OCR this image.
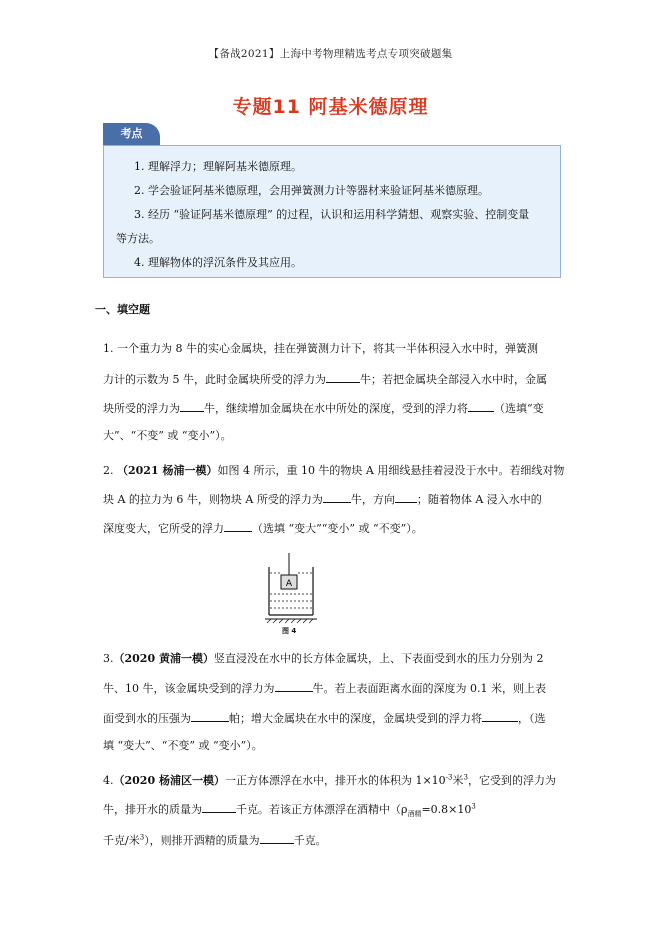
【备战2021】上海中考物理精选考点专项突破题集
专题11 阿基米德原理
考点
1. 理解浮力；理解阿基米德原理。
2. 学会验证阿基米德原理，会用弹簧测力计等器材来验证阿基米德原理。
3. 经历 “验证阿基米德原理” 的过程，认识和运用科学猜想、观察实验、控制变量
等方法。
4. 理解物体的浮沉条件及其应用。
一、填空题
1. 一个重力为 8 牛的实心金属块，挂在弹簧测力计下，将其一半体积浸入水中时，弹簧测
力计的示数为 5 牛，此时金属块所受的浮力为	牛；若把金属块全部浸入水中时，金属
块所受的浮力为 牛，继续增加金属块在水中所处的深度，受到的浮力将 （选填“变
大”、“不变” 或 “变小”）。
2. （2021 杨浦一模）如图 4 所示，重 10 牛的物块 A 用细线悬挂着浸没于水中。若细线对物
块 A 的拉力为 6 牛，则物块 A 所受的浮力为	牛，方向 ；随着物体 A 浸入水中的
深度变大，它所受的浮力	（选填 “变大”“变小” 或 “不变”）。
A
图 4
3.（2020 黄浦一模）竖直浸没在水中的长方体金属块，上、下表面受到水的压力分别为 2
牛、10 牛，该金属块受到的浮力为	牛。若上表面距离水面的深度为 0.1 米，则上表
面受到水的压强为	帕；增大金属块在水中的深度，金属块受到的浮力将	，（选
填 “变大”、“不变” 或 “变小”）。
4.（2020 杨浦区一模）一正方体漂浮在水中，排开水的体积为 $1\times 10^{-3}$米$^3$，它受到的浮力为
牛，排开水的质量为	千克。若该正方体漂浮在酒精中（$\rho_{酒精}=0.8\times 10^3$
千克/米$^3$），则排开酒精的质量为	千克。
